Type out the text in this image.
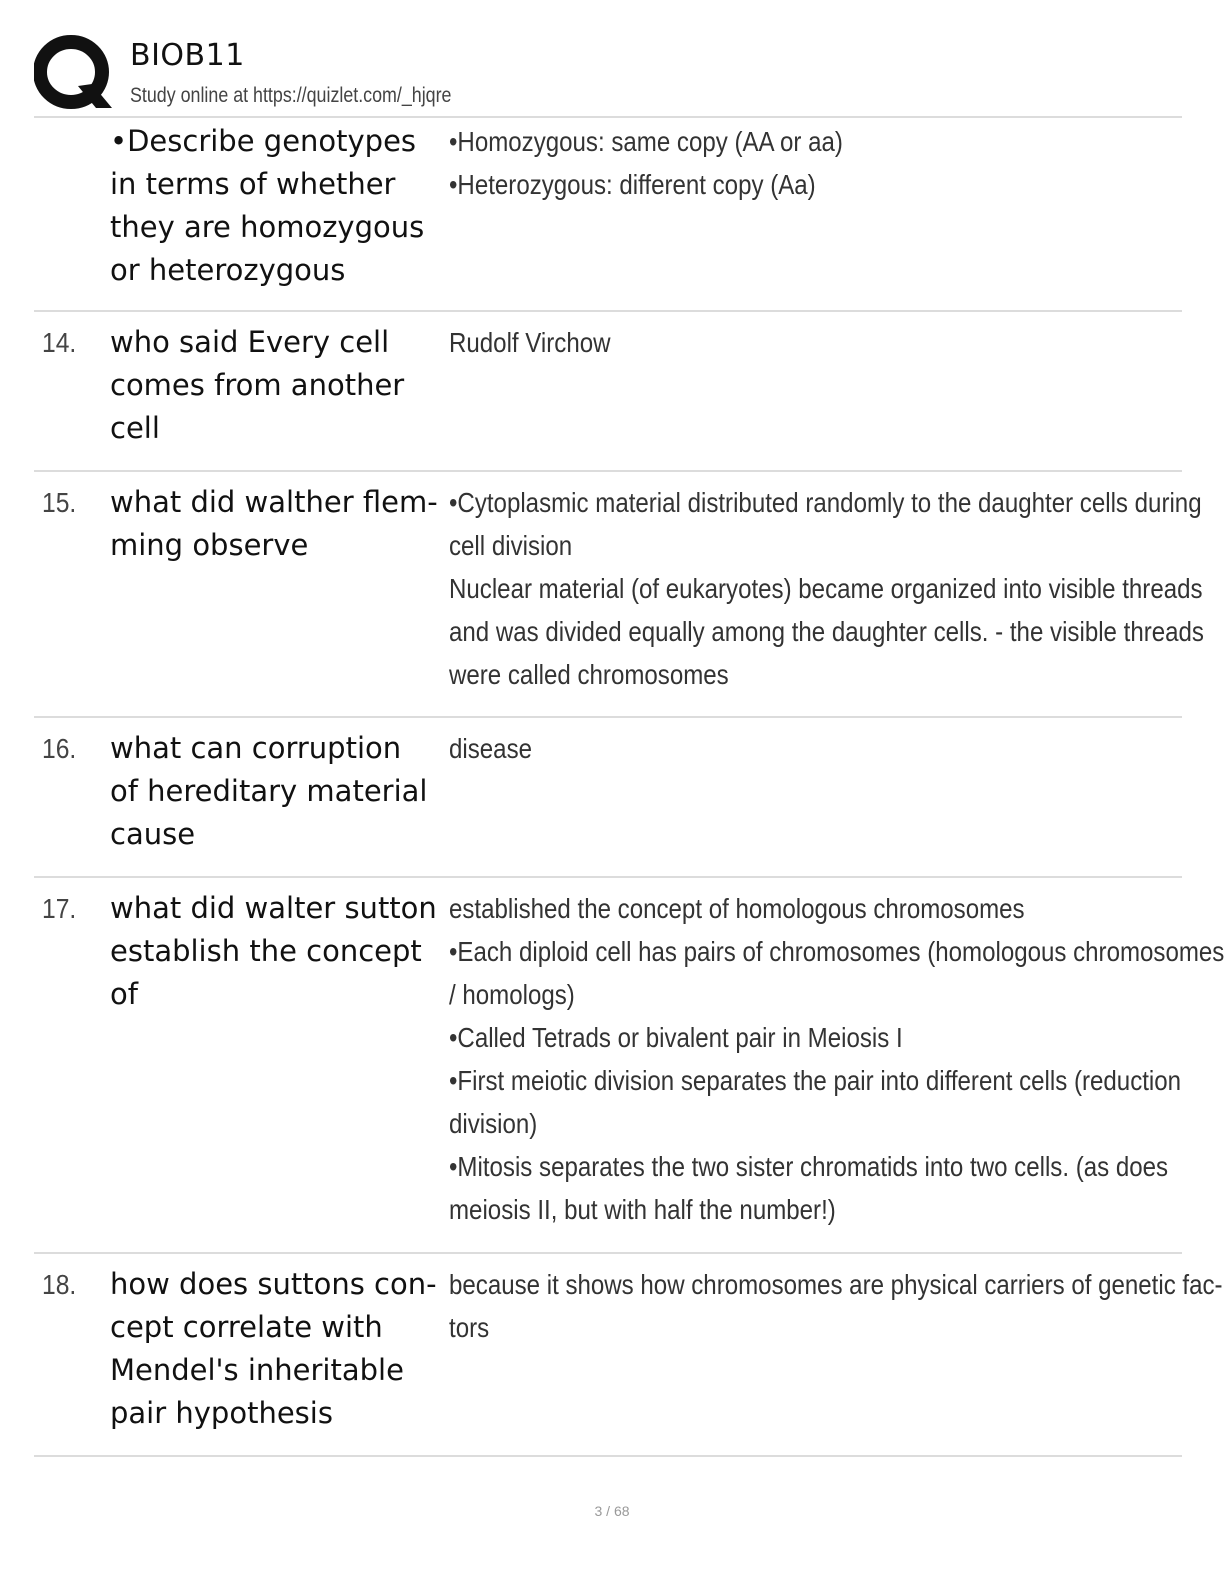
BIOB11
Study online at https://quizlet.com/_hjqre
•Describe genotypes
in terms of whether
they are homozygous
or heterozygous
•Homozygous: same copy (AA or aa)
•Heterozygous: different copy (Aa)
14. who said Every cell
comes from another
cell
Rudolf Virchow
15. what did walther flem-
ming observe
•Cytoplasmic material distributed randomly to the daughter cells during
cell division
Nuclear material (of eukaryotes) became organized into visible threads
and was divided equally among the daughter cells. - the visible threads
were called chromosomes
16. what can corruption
of hereditary material
cause
disease
17. what did walter sutton
establish the concept
of
established the concept of homologous chromosomes
•Each diploid cell has pairs of chromosomes (homologous chromosomes
/ homologs)
•Called Tetrads or bivalent pair in Meiosis I
•First meiotic division separates the pair into different cells (reduction
division)
•Mitosis separates the two sister chromatids into two cells. (as does
meiosis II, but with half the number!)
18. how does suttons con-
cept correlate with
Mendel's inheritable
pair hypothesis
because it shows how chromosomes are physical carriers of genetic fac-
tors
3 / 68
